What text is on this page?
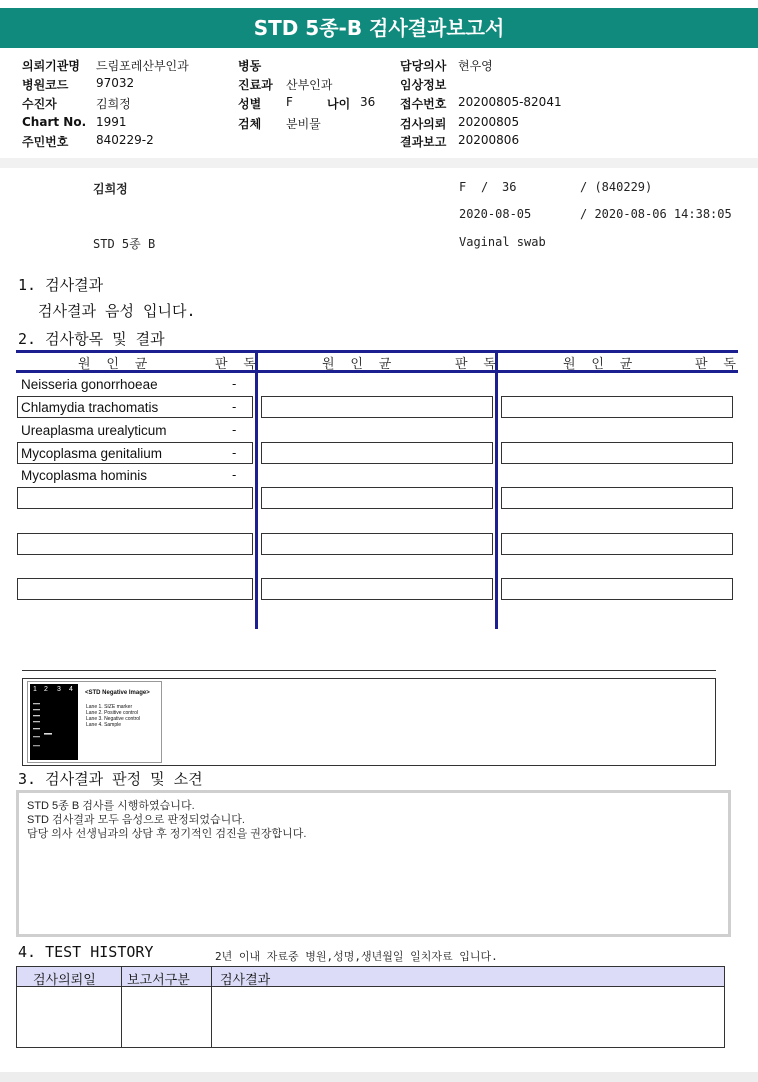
STD 5종-B 검사결과보고서
의뢰기관명 드림포레산부인과
병원코드 97032
수진자	김희정
Chart No. 1991
주민번호 840229-2
병동
진료과 산부인과
성별 F	나이 36
검체 분비물
담당의사 현우영
임상정보
접수번호 20200805-82041
검사의뢰 20200805
결과보고 20200806
김희정	F / 36	/ (840229)
2020-08-05	/ 2020-08-06 14:38:05
STD 5종 B	Vaginal swab
1. 검사결과
검사결과 음성 입니다.
2. 검사항목 및 결과
원 인 균	판 독	원 인 균	판 독	원 인 균	판 독
Neisseria gonorrhoeae	-
Chlamydia trachomatis	-
Ureaplasma urealyticum	-
Mycoplasma genitalium	-
Mycoplasma hominis	-
1 2 3 4 <STD Negative Image>
Lane 1. SIZE marker
Lane 2. Positive control
Lane 3. Negative control
Lane 4. Sample
3. 검사결과 판정 및 소견
STD 5종 B 검사를 시행하였습니다.
STD 검사결과 모두 음성으로 판정되었습니다.
담당 의사 선생님과의 상담 후 정기적인 검진을 권장합니다.
4. TEST HISTORY	2년 이내 자료중 병원,성명,생년월일 일치자료 입니다.
검사의뢰일 보고서구분 검사결과
